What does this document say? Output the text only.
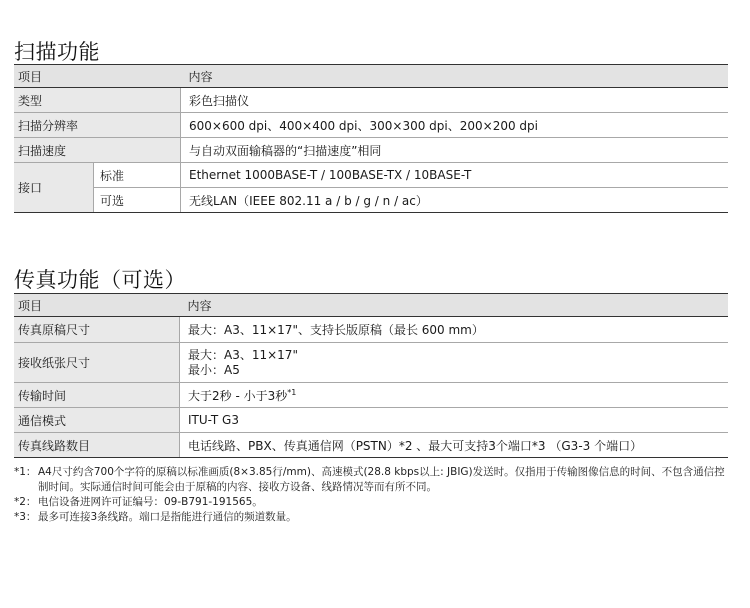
扫描功能
项目		内容
类型		彩色扫描仪
扫描分辨率		600×600 dpi、400×400 dpi、300×300 dpi、200×200 dpi
扫描速度		与自动双面输稿器的“扫描速度”相同
接口	标准	Ethernet 1000BASE-T / 100BASE-TX / 10BASE-T
	可选	无线LAN（IEEE 802.11 a / b / g / n / ac）
传真功能（可选）
项目	内容
传真原稿尺寸	最大：A3、11×17"、支持长版原稿（最长 600 mm）
接收纸张尺寸	最大：A3、11×17"
最小：A5

传输时间	大于2秒 - 小于3秒$^{*1}$
通信模式	ITU-T G3
传真线路数目	电话线路、PBX、传真通信网（PSTN）*2 、最大可支持3个端口*3 （G3-3 个端口）
*1： A4尺寸约含700个字符的原稿以标准画质(8×3.85行/mm)、高速模式(28.8 kbps以上: JBIG)发送时。仅指用于传输图像信息的时间、不包含通信控制时间。实际通信时间可能会由于原稿的内容、接收方设备、线路情况等而有所不同。
*2： 电信设备进网许可证编号：09-B791-191565。
*3： 最多可连接3条线路。端口是指能进行通信的频道数量。
